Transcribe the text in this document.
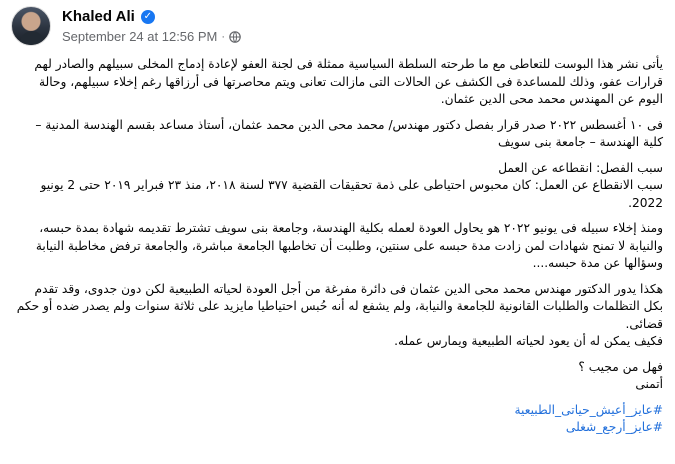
Khaled Ali ✓
September 24 at 12:56 PM ·

يأتى نشر هذا البوست للتعاطى مع ما طرحته السلطة السياسية ممثلة فى لجنة العفو لإعادة إدماج المخلى سبيلهم والصادر لهم قرارات عفو، وذلك للمساعدة فى الكشف عن الحالات التى مازالت تعانى ويتم محاصرتها فى أرزاقها رغم إخلاء سبيلهم، وحالة اليوم عن المهندس محمد محى الدين عثمان.

فى ١٠ أغسطس ٢٠٢٢ صدر قرار بفصل دكتور مهندس/ محمد محى الدين محمد عثمان، أستاذ مساعد بقسم الهندسة المدنية – كلية الهندسة – جامعة بنى سويف

سبب الفصل: انقطاعه عن العمل
سبب الانقطاع عن العمل: كان محبوس احتياطى على ذمة تحقيقات القضية ٣٧٧ لسنة ٢٠١٨، منذ ٢٣ فبراير ٢٠١٩ حتى 2 يونيو 2022.

ومنذ إخلاء سبيله فى يونيو ٢٠٢٢ هو يحاول العودة لعمله بكلية الهندسة، وجامعة بنى سويف تشترط تقديمه شهادة بمدة حبسه، والنيابة لا تمنح شهادات لمن زادت مدة حبسه على سنتين، وطلبت أن تخاطبها الجامعة مباشرة، والجامعة ترفض مخاطبة النيابة وسؤالها عن مدة حبسه....

هكذا يدور الدكتور مهندس محمد محى الدين عثمان فى دائرة مفرغة من أجل العودة لحياته الطبيعية لكن دون جدوى، وقد تقدم بكل التظلمات والطلبات القانونية للجامعة والنيابة، ولم يشفع له أنه حُبس احتياطيا مايزيد على ثلاثة سنوات ولم يصدر ضده أو حكم قضائى.
فكيف يمكن له أن يعود لحياته الطبيعية ويمارس عمله.

فهل من مجيب ؟
أتمنى

#عايز_أعيش_حياتى_الطبيعية
#عايز_أرجع_شغلى
